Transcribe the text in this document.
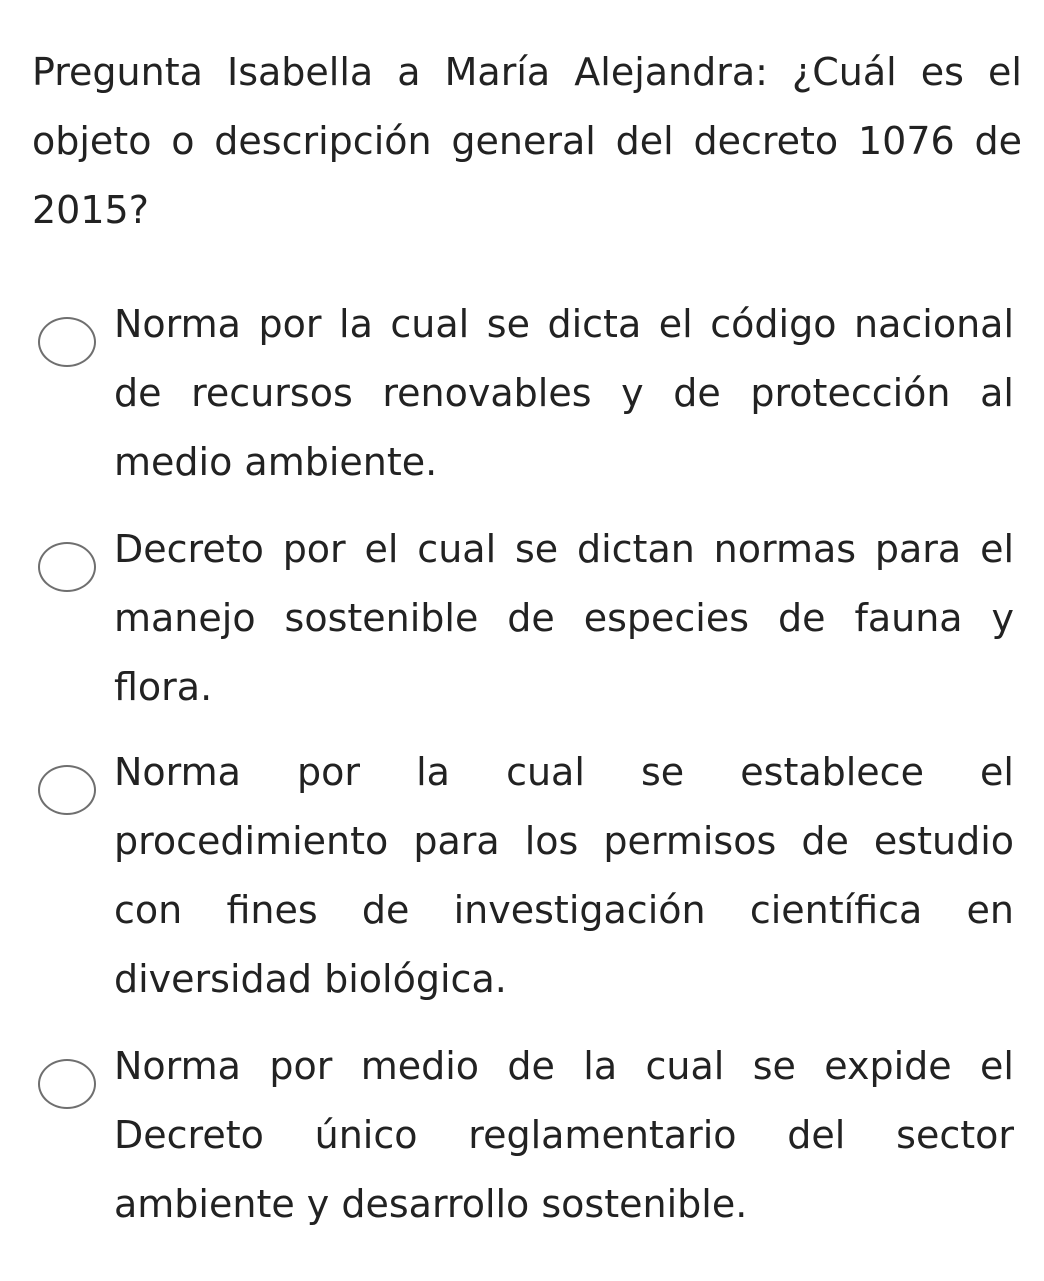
Pregunta Isabella a María Alejandra: ¿Cuál es el objeto o descripción general del decreto 1076 de 2015?

Norma por la cual se dicta el código nacional de recursos renovables y de protección al medio ambiente.

Decreto por el cual se dictan normas para el manejo sostenible de especies de fauna y flora.

Norma por la cual se establece el procedimiento para los permisos de estudio con fines de investigación científica en diversidad biológica.

Norma por medio de la cual se expide el Decreto único reglamentario del sector ambiente y desarrollo sostenible.
